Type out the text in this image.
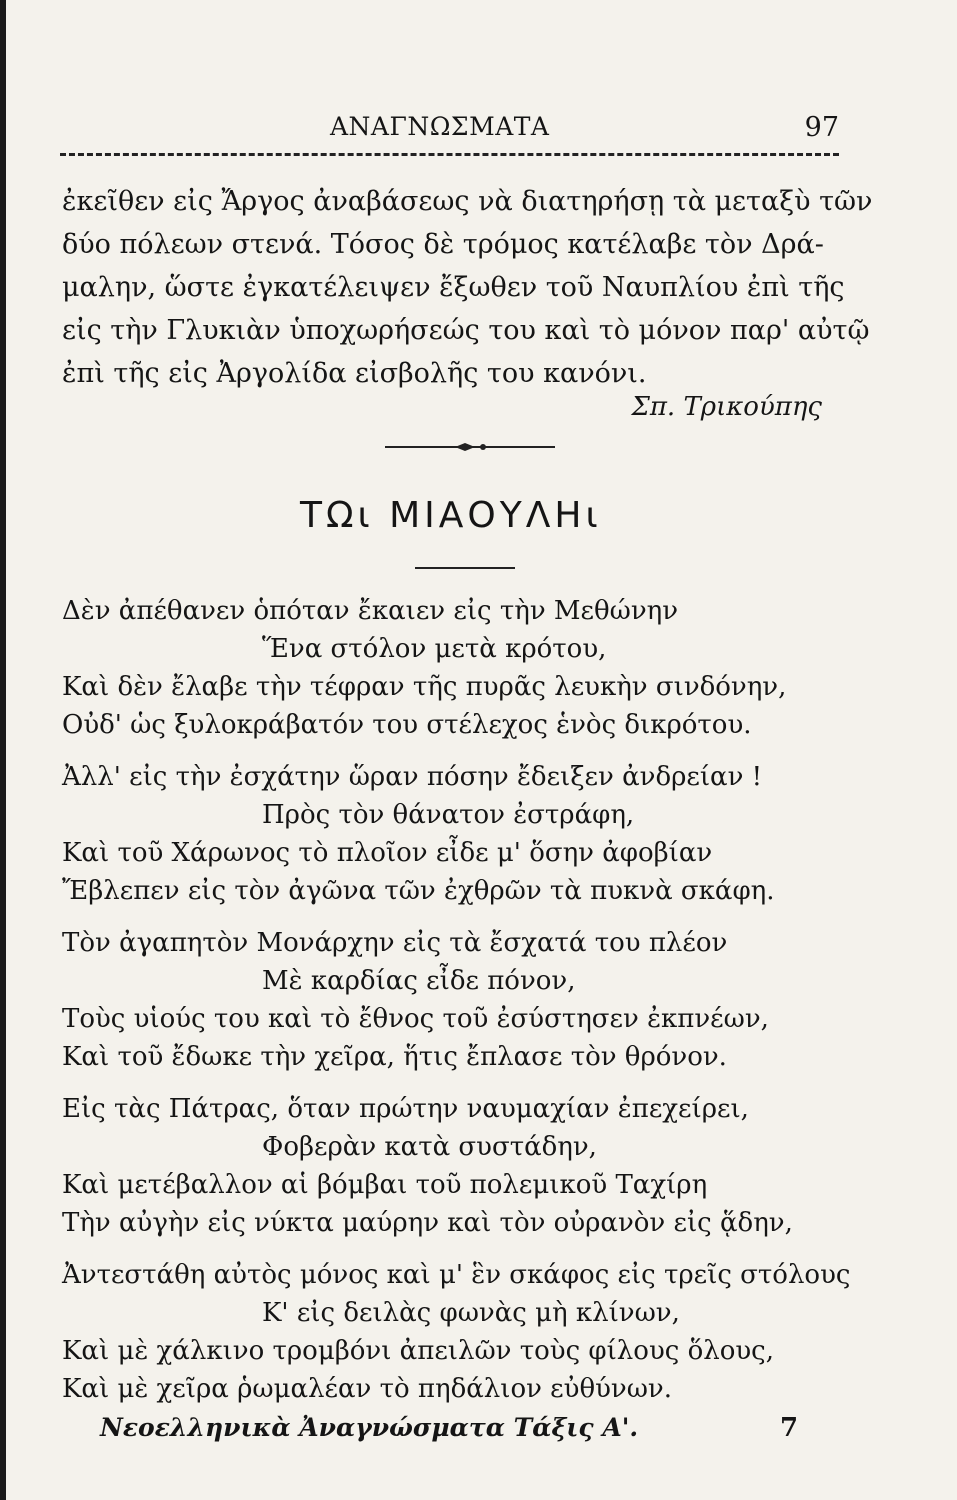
ΑΝΑΓΝΩΣΜΑΤΑ	97
ἐκεῖθεν εἰς Ἄργος ἀναβάσεως νὰ διατηρήσῃ τὰ μεταξὺ τῶν
δύο πόλεων στενά. Τόσος δὲ τρόμος κατέλαβε τὸν Δρά-
μαλην, ὥστε ἐγκατέλειψεν ἔξωθεν τοῦ Ναυπλίου ἐπὶ τῆς
εἰς τὴν Γλυκιὰν ὑποχωρήσεώς του καὶ τὸ μόνον παρ' αὐτῷ
ἐπὶ τῆς εἰς Ἀργολίδα εἰσβολῆς του κανόνι.
Σπ. Τρικούπης
ΤΩι ΜΙΑΟΥΛΗι
Δὲν ἀπέθανεν ὁπόταν ἔκαιεν εἰς τὴν Μεθώνην
Ἕνα στόλον μετὰ κρότου,
Καὶ δὲν ἔλαβε τὴν τέφραν τῆς πυρᾶς λευκὴν σινδόνην,
Οὐδ' ὡς ξυλοκράβατόν του στέλεχος ἑνὸς δικρότου.
Ἀλλ' εἰς τὴν ἐσχάτην ὥραν πόσην ἔδειξεν ἀνδρείαν !
Πρὸς τὸν θάνατον ἐστράφη,
Καὶ τοῦ Χάρωνος τὸ πλοῖον εἶδε μ' ὅσην ἀφοβίαν
Ἔβλεπεν εἰς τὸν ἀγῶνα τῶν ἐχθρῶν τὰ πυκνὰ σκάφη.
Τὸν ἀγαπητὸν Μονάρχην εἰς τὰ ἔσχατά του πλέον
Μὲ καρδίας εἶδε πόνον,
Τοὺς υἱούς του καὶ τὸ ἔθνος τοῦ ἐσύστησεν ἐκπνέων,
Καὶ τοῦ ἔδωκε τὴν χεῖρα, ἥτις ἔπλασε τὸν θρόνον.
Εἰς τὰς Πάτρας, ὅταν πρώτην ναυμαχίαν ἐπεχείρει,
Φοβερὰν κατὰ συστάδην,
Καὶ μετέβαλλον αἱ βόμβαι τοῦ πολεμικοῦ Ταχίρη
Τὴν αὐγὴν εἰς νύκτα μαύρην καὶ τὸν οὐρανὸν εἰς ᾅδην,
Ἀντεστάθη αὐτὸς μόνος καὶ μ' ἓν σκάφος εἰς τρεῖς στόλους
Κ' εἰς δειλὰς φωνὰς μὴ κλίνων,
Καὶ μὲ χάλκινο τρομβόνι ἀπειλῶν τοὺς φίλους ὅλους,
Καὶ μὲ χεῖρα ῥωμαλέαν τὸ πηδάλιον εὐθύνων.
Νεοελληνικὰ Ἀναγνώσματα Τάξις Α'.	7
